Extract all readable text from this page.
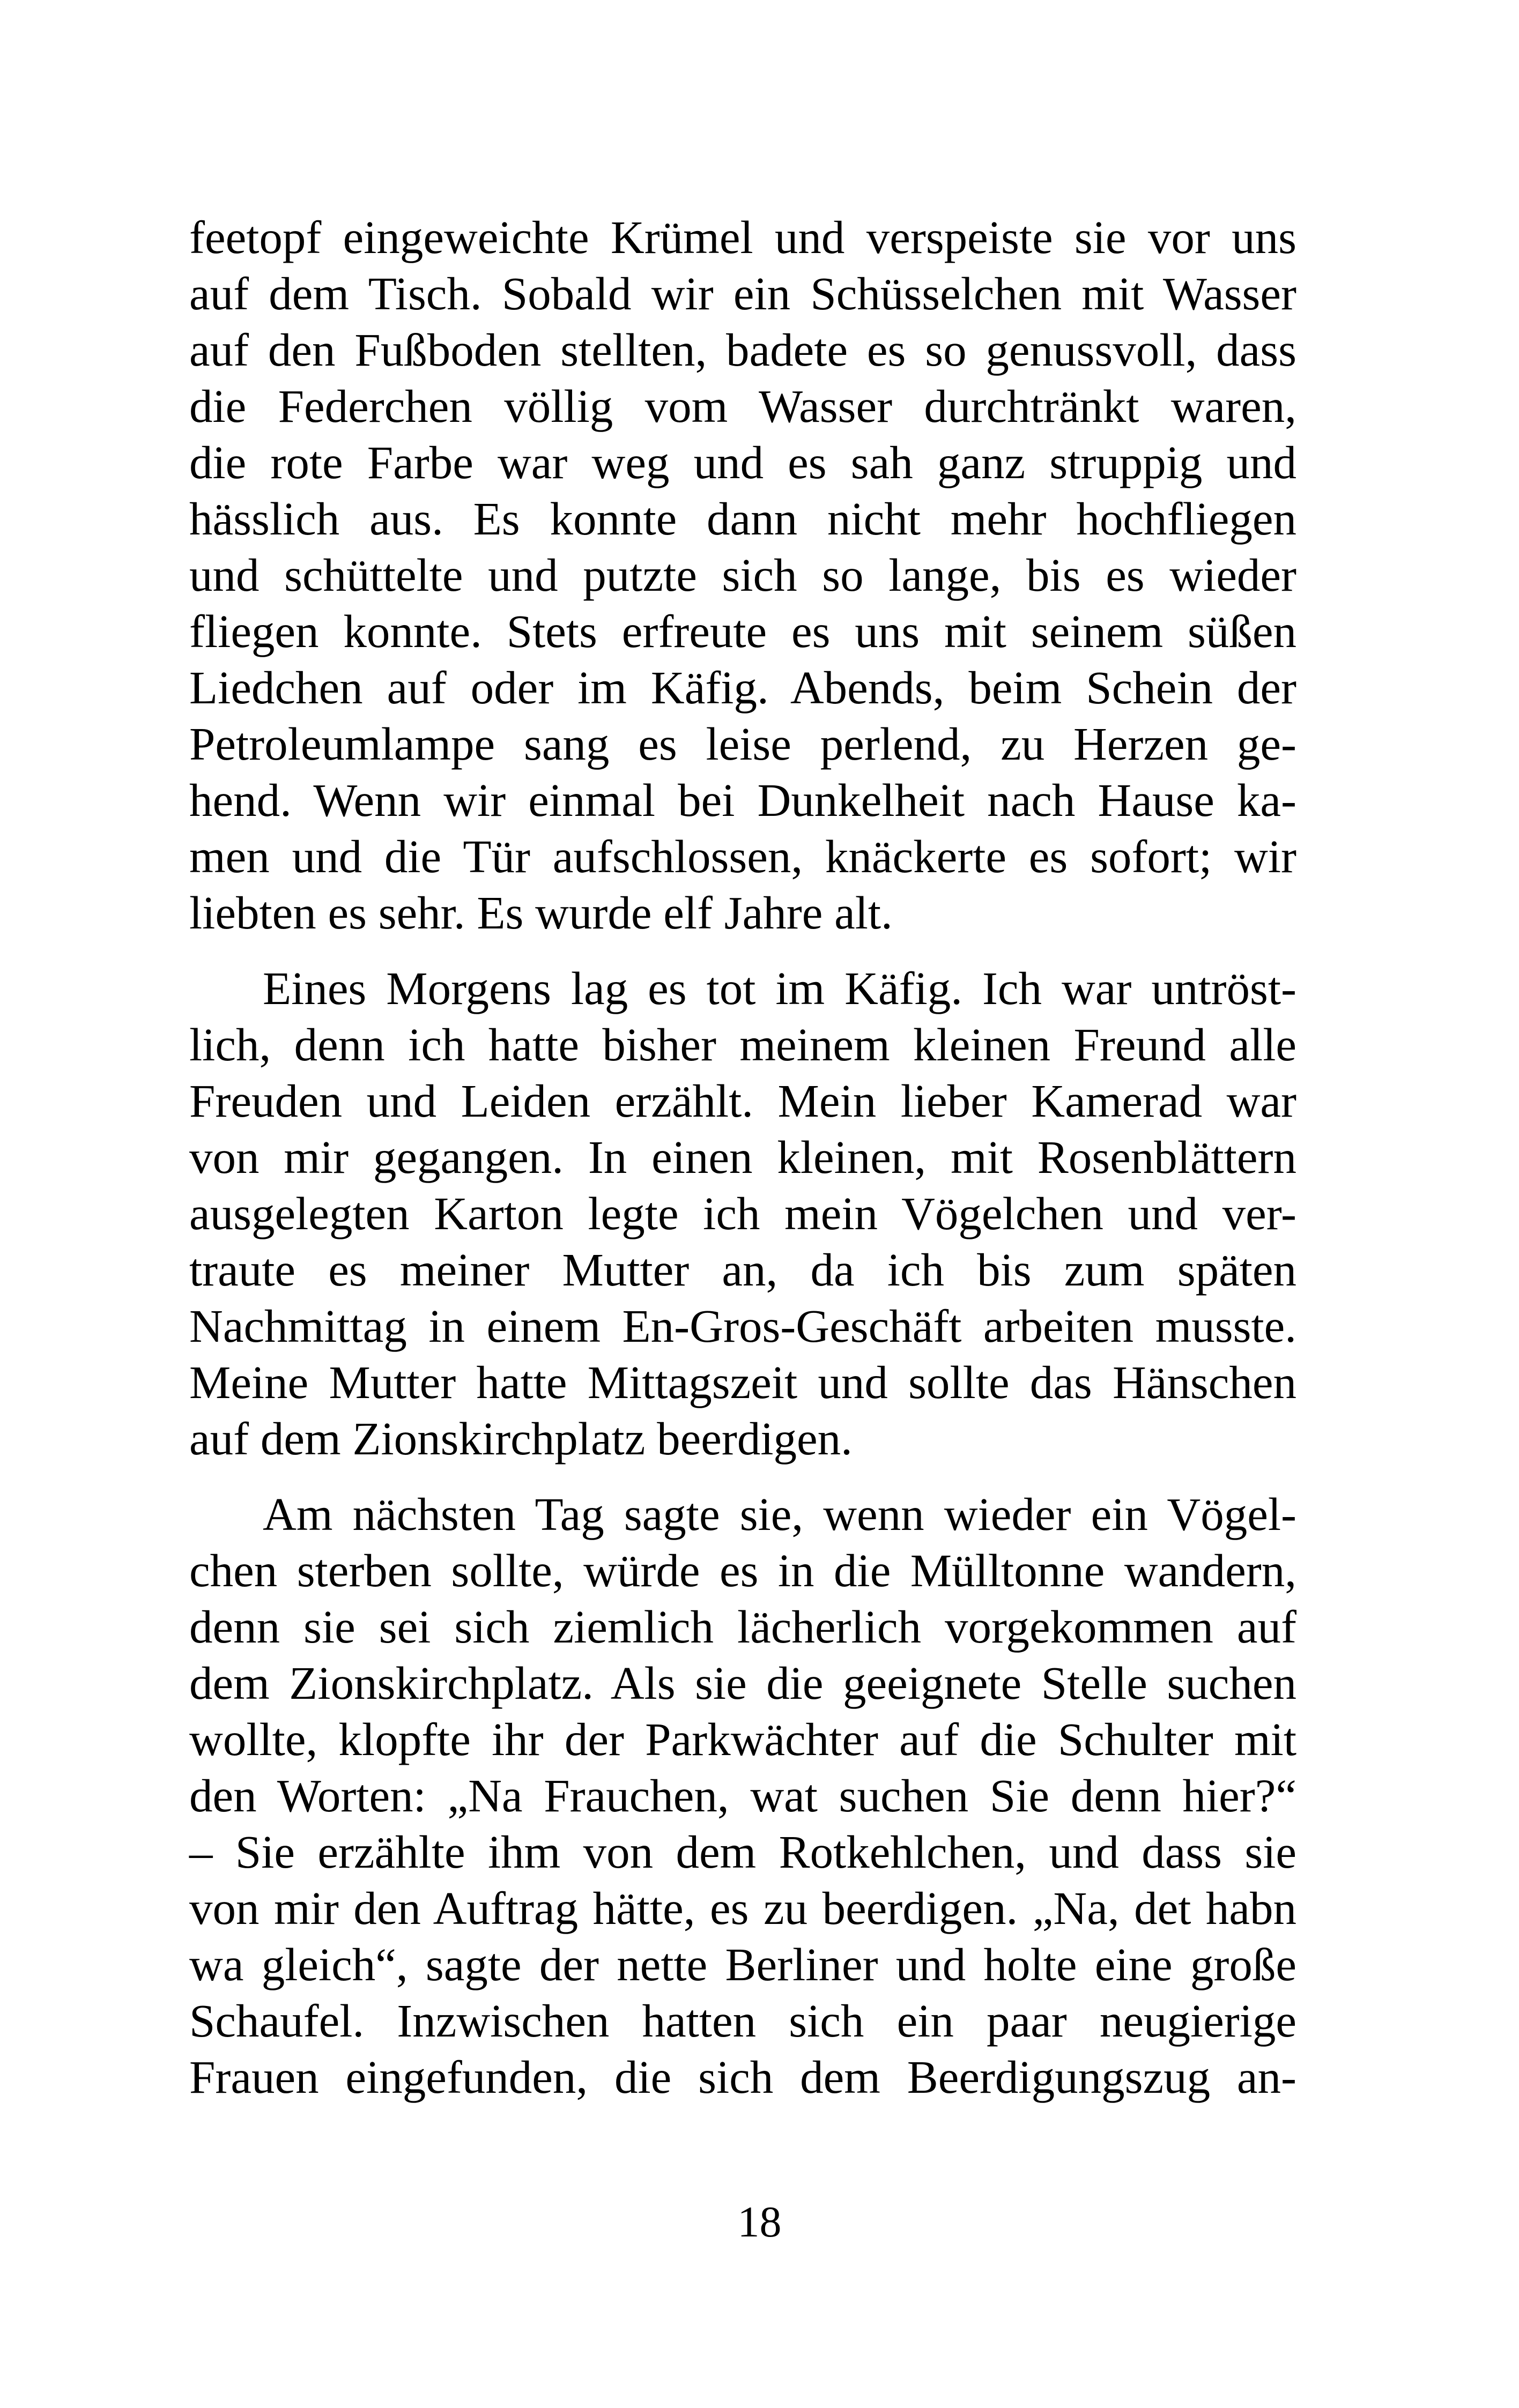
feetopf eingeweichte Krümel und verspeiste sie vor uns
auf dem Tisch. Sobald wir ein Schüsselchen mit Wasser
auf den Fußboden stellten, badete es so genussvoll, dass
die Federchen völlig vom Wasser durchtränkt waren,
die rote Farbe war weg und es sah ganz struppig und
hässlich aus. Es konnte dann nicht mehr hochfliegen
und schüttelte und putzte sich so lange, bis es wieder
fliegen konnte. Stets erfreute es uns mit seinem süßen
Liedchen auf oder im Käfig. Abends, beim Schein der
Petroleumlampe sang es leise perlend, zu Herzen ge-
hend. Wenn wir einmal bei Dunkelheit nach Hause ka-
men und die Tür aufschlossen, knäckerte es sofort; wir
liebten es sehr. Es wurde elf Jahre alt.

Eines Morgens lag es tot im Käfig. Ich war untröst-
lich, denn ich hatte bisher meinem kleinen Freund alle
Freuden und Leiden erzählt. Mein lieber Kamerad war
von mir gegangen. In einen kleinen, mit Rosenblättern
ausgelegten Karton legte ich mein Vögelchen und ver-
traute es meiner Mutter an, da ich bis zum späten
Nachmittag in einem En-Gros-Geschäft arbeiten musste.
Meine Mutter hatte Mittagszeit und sollte das Hänschen
auf dem Zionskirchplatz beerdigen.

Am nächsten Tag sagte sie, wenn wieder ein Vögel-
chen sterben sollte, würde es in die Mülltonne wandern,
denn sie sei sich ziemlich lächerlich vorgekommen auf
dem Zionskirchplatz. Als sie die geeignete Stelle suchen
wollte, klopfte ihr der Parkwächter auf die Schulter mit
den Worten: „Na Frauchen, wat suchen Sie denn hier?“
– Sie erzählte ihm von dem Rotkehlchen, und dass sie
von mir den Auftrag hätte, es zu beerdigen. „Na, det habn
wa gleich“, sagte der nette Berliner und holte eine große
Schaufel. Inzwischen hatten sich ein paar neugierige
Frauen eingefunden, die sich dem Beerdigungszug an-

18
